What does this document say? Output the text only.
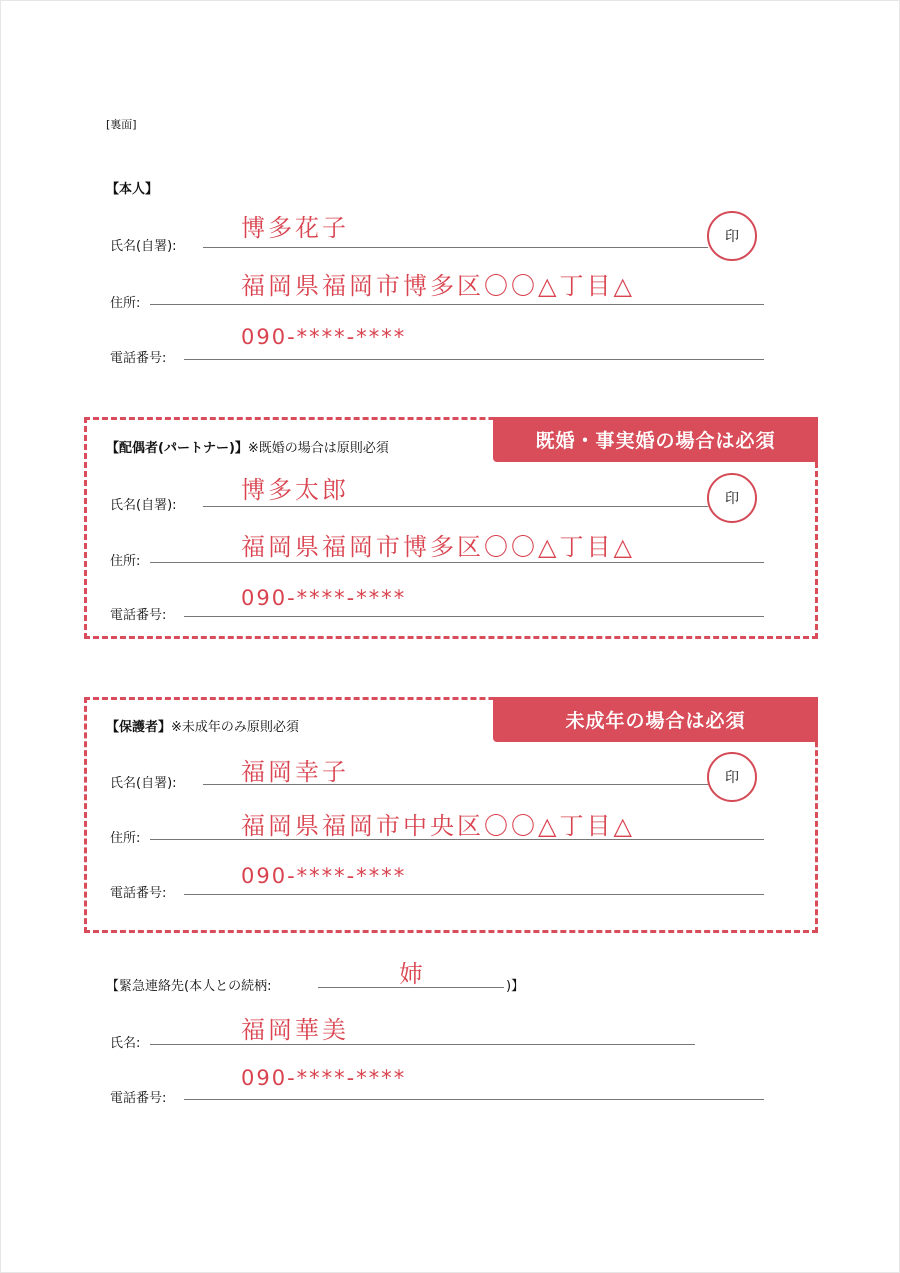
[裏面]
【本人】
氏名(自署):
博多花子	印
住所:
福岡県福岡市博多区〇〇△丁目△
電話番号:
090-****-****
既婚・事実婚の場合は必須
【配偶者(パートナー)】※既婚の場合は原則必須
氏名(自署):
博多太郎	印
住所:
福岡県福岡市博多区〇〇△丁目△
電話番号:
090-****-****
未成年の場合は必須
【保護者】※未成年のみ原則必須
氏名(自署):	福岡幸子	印
住所:	福岡県福岡市中央区〇〇△丁目△
電話番号:
090-****-****
【緊急連絡先(本人との続柄:	)】
姉
氏名:	福岡華美
電話番号:
090-****-****
